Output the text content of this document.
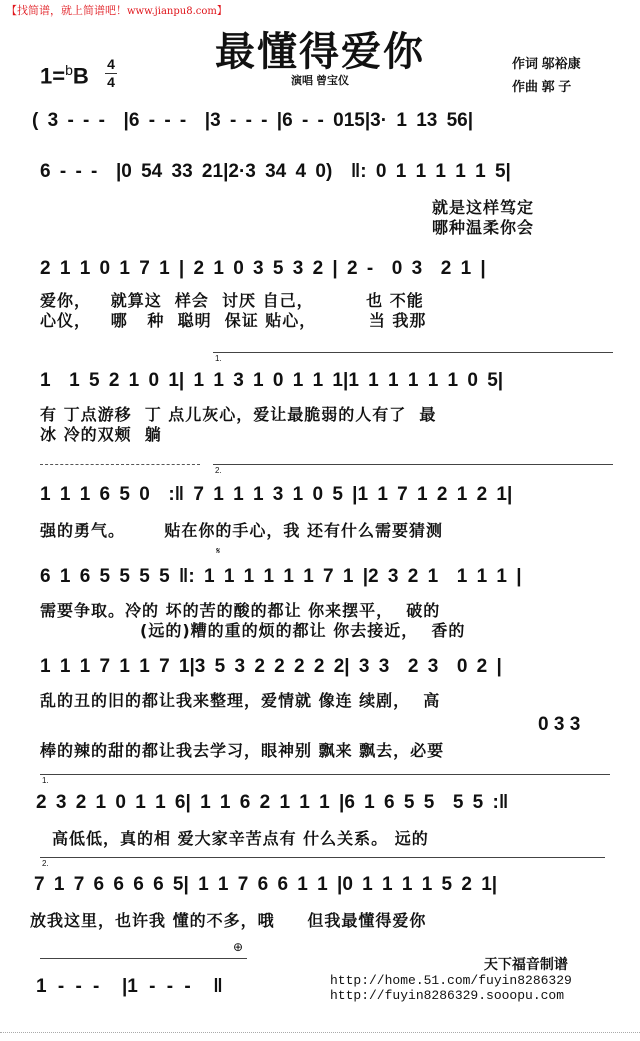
【找简谱，就上简谱吧！www.jianpu8.com】
最懂得爱你
1=$^b$B 4
4	演唱 曾宝仪
作词 邬裕康
作曲 郭 子
( 3 - - -  |6 - - -  |3 - - - |6 - - 015|3· 1 13 56|
6 - - -  |0 54 33 21|2·3 34 4 0)  ‖: 0 1 1 1 1 1 5|
就是这样笃定
哪种温柔你会
2 1 1 0 1 7 1 | 2 1 0 3 5 3 2 | 2 -  0 3  2 1 |
爱你，   就算这  样会  讨厌 自己，        也 不能
心仪，   哪   种  聪明  保证 贴心，        当 我那
1.
1  1 5 2 1 0 1| 1 1 3 1 0 1 1 1|1 1 1 1 1 1 0 5|
有 丁点游移  丁 点儿灰心，爱让最脆弱的人有了  最
冰 冷的双颊  躺
2.
1 1 1 6 5 0  :‖ 7 1 1 1 3 1 0 5 |1 1 7 1 2 1 2 1|
强的勇气。      贴在你的手心，我 还有什么需要猜测
𝄋
6 1 6 5 5 5 5 ‖: 1 1 1 1 1 1 7 1 |2 3 2 1  1 1 1 |
需要争取。冷的 坏的苦的酸的都让 你来摆平，  破的
(远的)糟的重的烦的都让 你去接近，  香的
1 1 1 7 1 1 7 1|3 5 3 2 2 2 2 2| 3 3  2 3  0 2 |
乱的丑的旧的都让我来整理，爱情就 像连 续剧，  高
0 3 3
棒的辣的甜的都让我去学习，眼神别 飘来 飘去，必要
1.
2 3 2 1 0 1 1 6| 1 1 6 2 1 1 1 |6 1 6 5 5  5 5 :‖
高低低，真的相 爱大家辛苦点有 什么关系。 远的
2.
7 1 7 6 6 6 6 5| 1 1 7 6 6 1 1 |0 1 1 1 1 5 2 1|
放我这里，也许我 懂的不多，哦     但我最懂得爱你
⊕
1 - - -  |1 - - -  ‖
天下福音制谱
http://home.51.com/fuyin8286329
http://fuyin8286329.sooopu.com
